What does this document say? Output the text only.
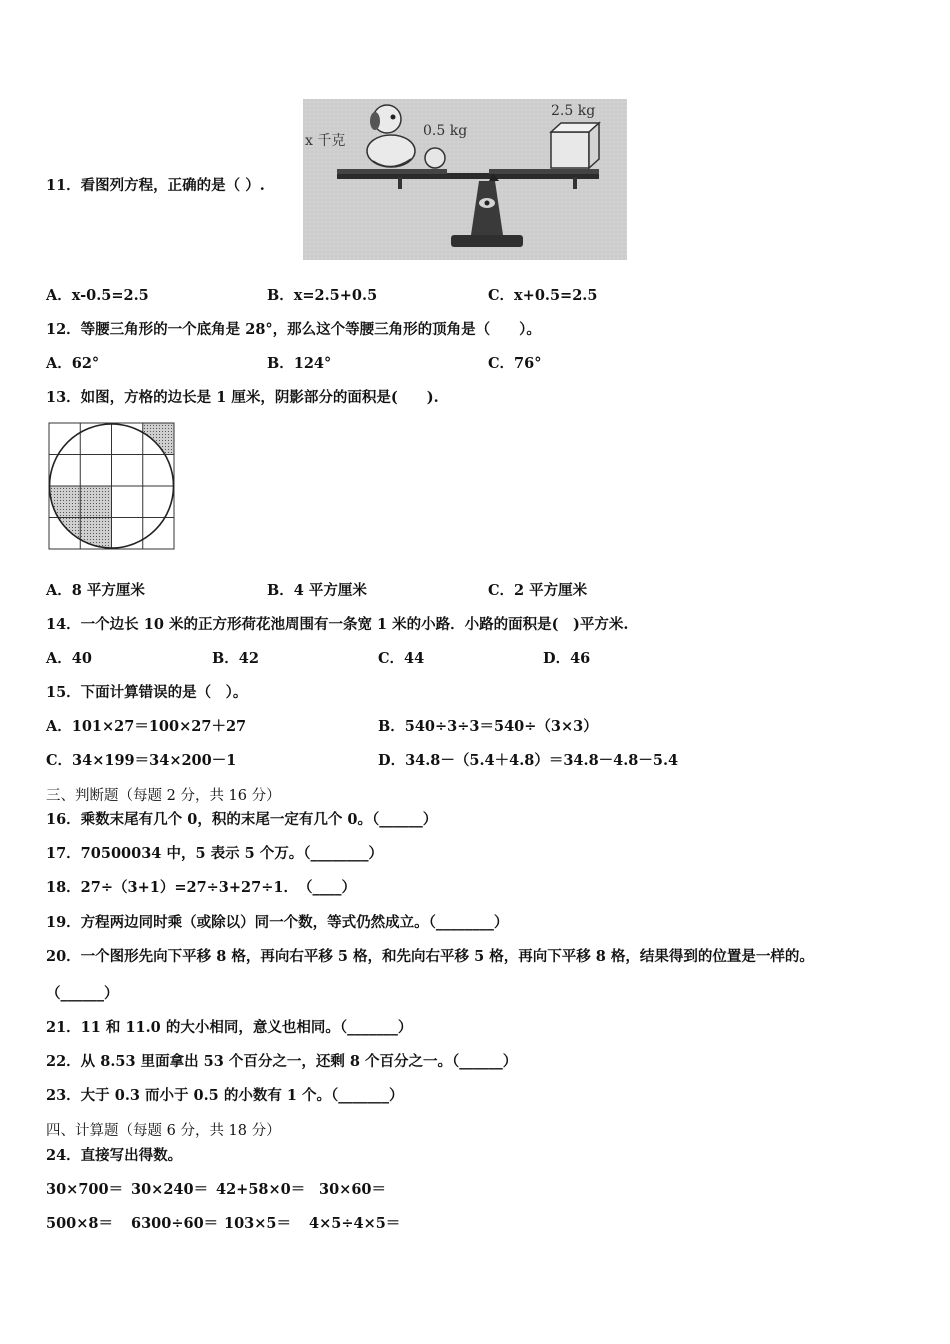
11．看图列方程，正确的是（ ）.
x 千克
0.5 kg
2.5 kg
A．x-0.5=2.5	B．x=2.5+0.5	C．x+0.5=2.5
12．等腰三角形的一个底角是 28°，那么这个等腰三角形的顶角是（　　）。
A．62°	B．124°	C．76°
13．如图，方格的边长是 1 厘米，阴影部分的面积是(　　).
A．8 平方厘米	B．4 平方厘米	C．2 平方厘米
14．一个边长 10 米的正方形荷花池周围有一条宽 1 米的小路．小路的面积是(　)平方米.
A．40	B．42	C．44	D．46
15．下面计算错误的是（　）。
A．101×27＝100×27＋27	B．540÷3÷3＝540÷（3×3）
C．34×199＝34×200－1	D．34.8－（5.4＋4.8）＝34.8－4.8－5.4
三、判断题（每题 2 分，共 16 分）
16．乘数末尾有几个 0，积的末尾一定有几个 0。（______）
17．70500034 中，5 表示 5 个万。（________）
18．27÷（3+1）=27÷3+27÷1．　（____）
19．方程两边同时乘（或除以）同一个数，等式仍然成立。（________）
20．一个图形先向下平移 8 格，再向右平移 5 格，和先向右平移 5 格，再向下平移 8 格，结果得到的位置是一样的。
（______）
21．11 和 11.0 的大小相同，意义也相同。（_______）
22．从 8.53 里面拿出 53 个百分之一，还剩 8 个百分之一。（______）
23．大于 0.3 而小于 0.5 的小数有 1 个。（_______）
四、计算题（每题 6 分，共 18 分）
24．直接写出得数。
30×700＝ 30×240＝ 42+58×0＝ 30×60＝
500×8＝ 6300÷60＝ 103×5＝ 4×5÷4×5＝
